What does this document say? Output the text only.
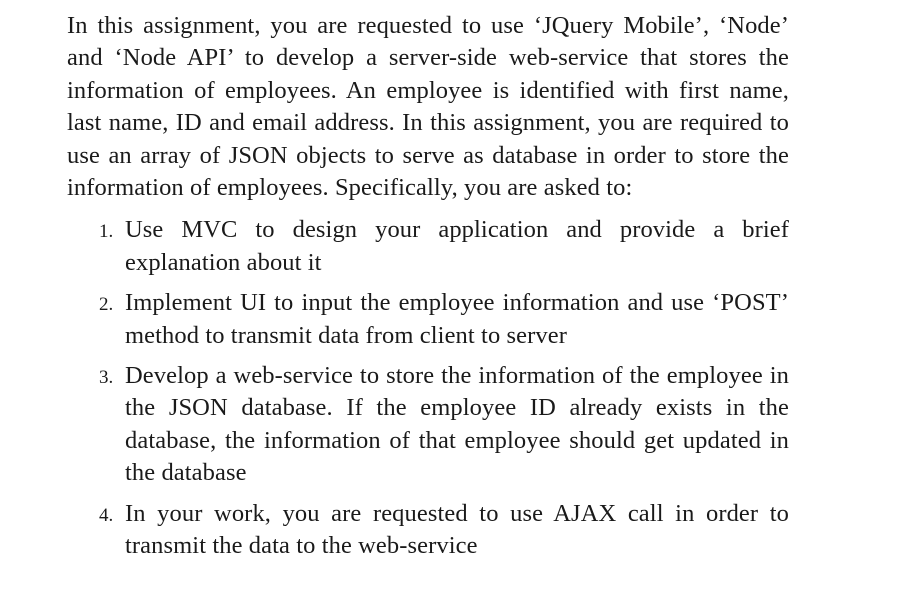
In this assignment, you are requested to use ‘JQuery Mobile’, ‘Node’ and ‘Node API’ to develop a server-side web-service that stores the information of employees. An employee is identified with first name, last name, ID and email address. In this assignment, you are required to use an array of JSON objects to serve as database in order to store the information of employees. Specifically, you are asked to:

1. Use MVC to design your application and provide a brief explanation about it
2. Implement UI to input the employee information and use ‘POST’ method to transmit data from client to server
3. Develop a web-service to store the information of the employee in the JSON database. If the employee ID already exists in the database, the information of that employee should get updated in the database
4. In your work, you are requested to use AJAX call in order to transmit the data to the web-service
